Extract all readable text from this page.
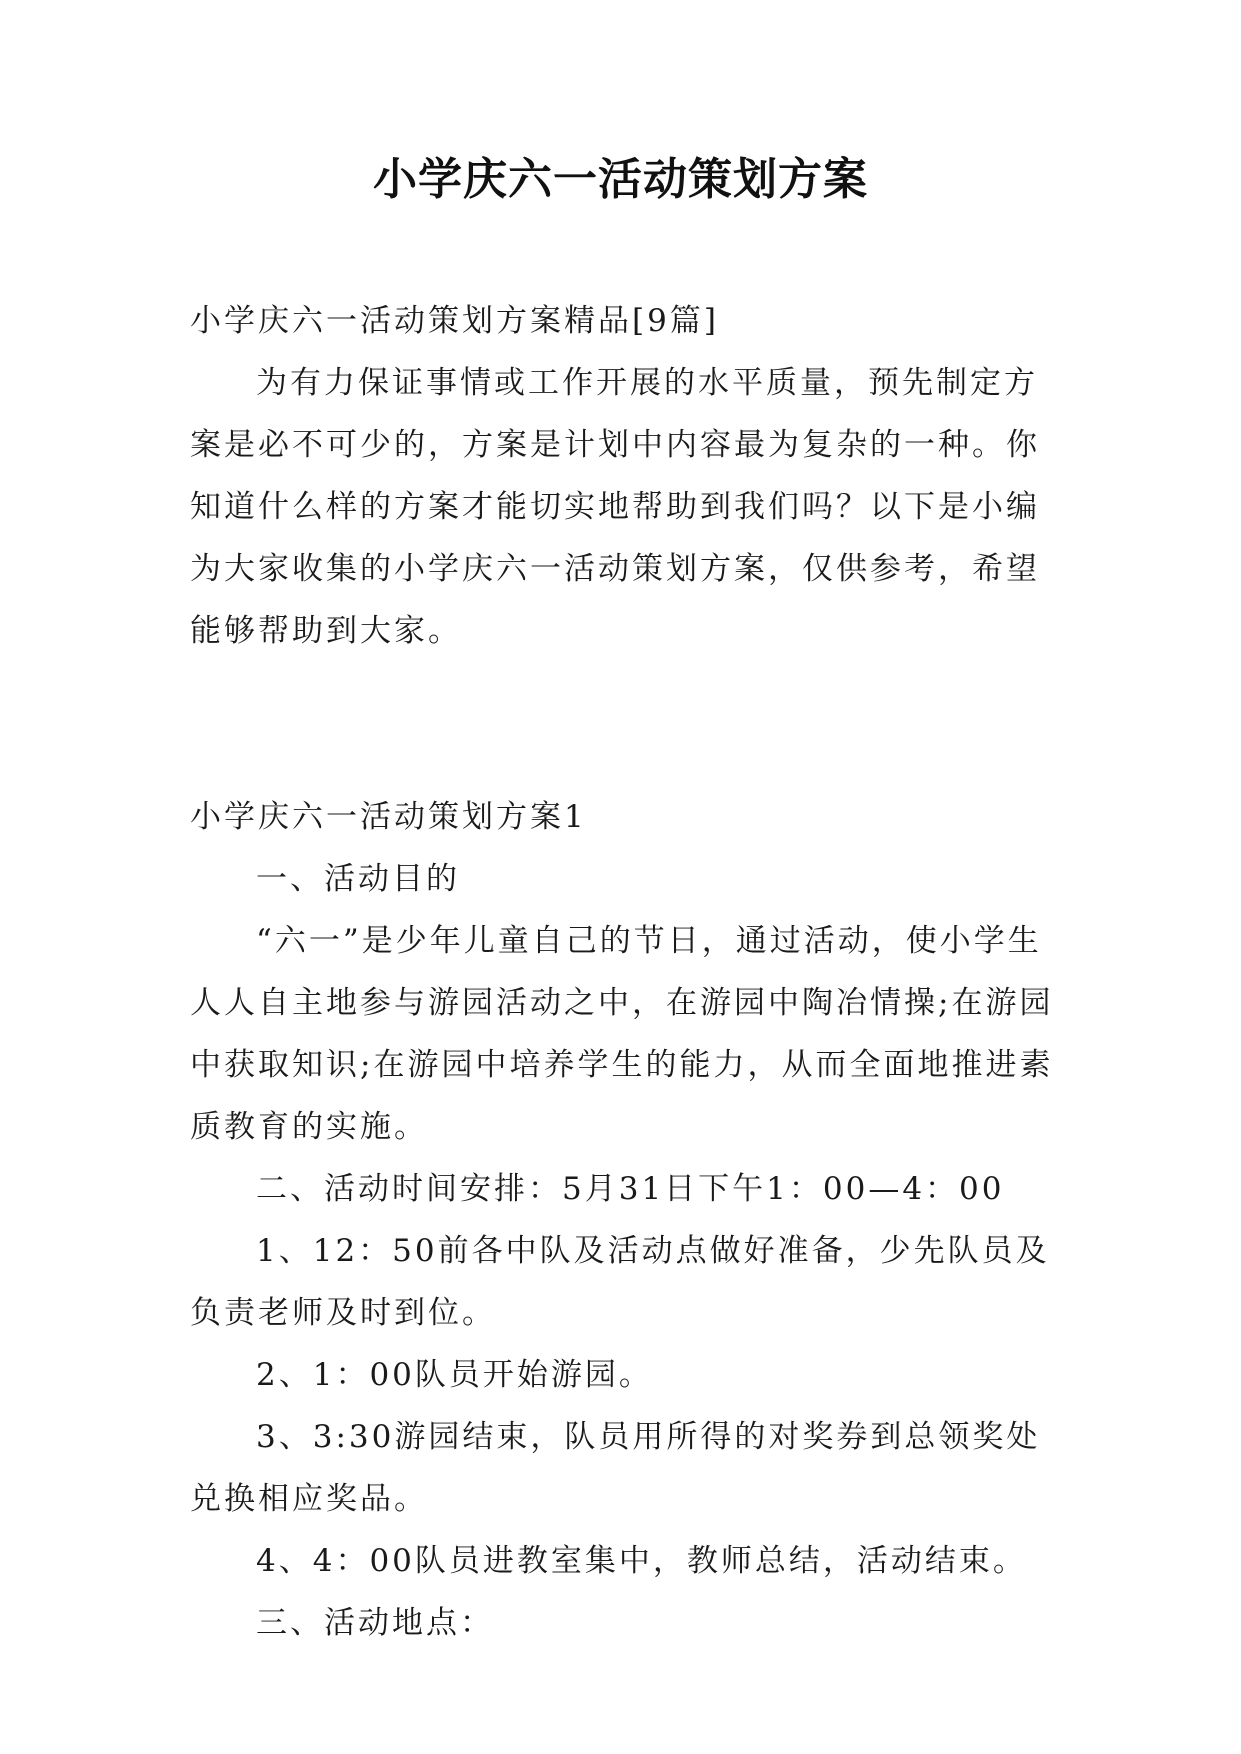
小学庆六一活动策划方案

小学庆六一活动策划方案精品[9篇]

为有力保证事情或工作开展的水平质量，预先制定方案是必不可少的，方案是计划中内容最为复杂的一种。你知道什么样的方案才能切实地帮助到我们吗？以下是小编为大家收集的小学庆六一活动策划方案，仅供参考，希望能够帮助到大家。

小学庆六一活动策划方案1

一、活动目的

“六一”是少年儿童自己的节日，通过活动，使小学生人人自主地参与游园活动之中，在游园中陶冶情操;在游园中获取知识;在游园中培养学生的能力，从而全面地推进素质教育的实施。

二、活动时间安排：5月31日下午1：00—4：00

1、12：50前各中队及活动点做好准备，少先队员及负责老师及时到位。

2、1：00队员开始游园。

3、3:30游园结束，队员用所得的对奖券到总领奖处兑换相应奖品。

4、4：00队员进教室集中，教师总结，活动结束。

三、活动地点：
